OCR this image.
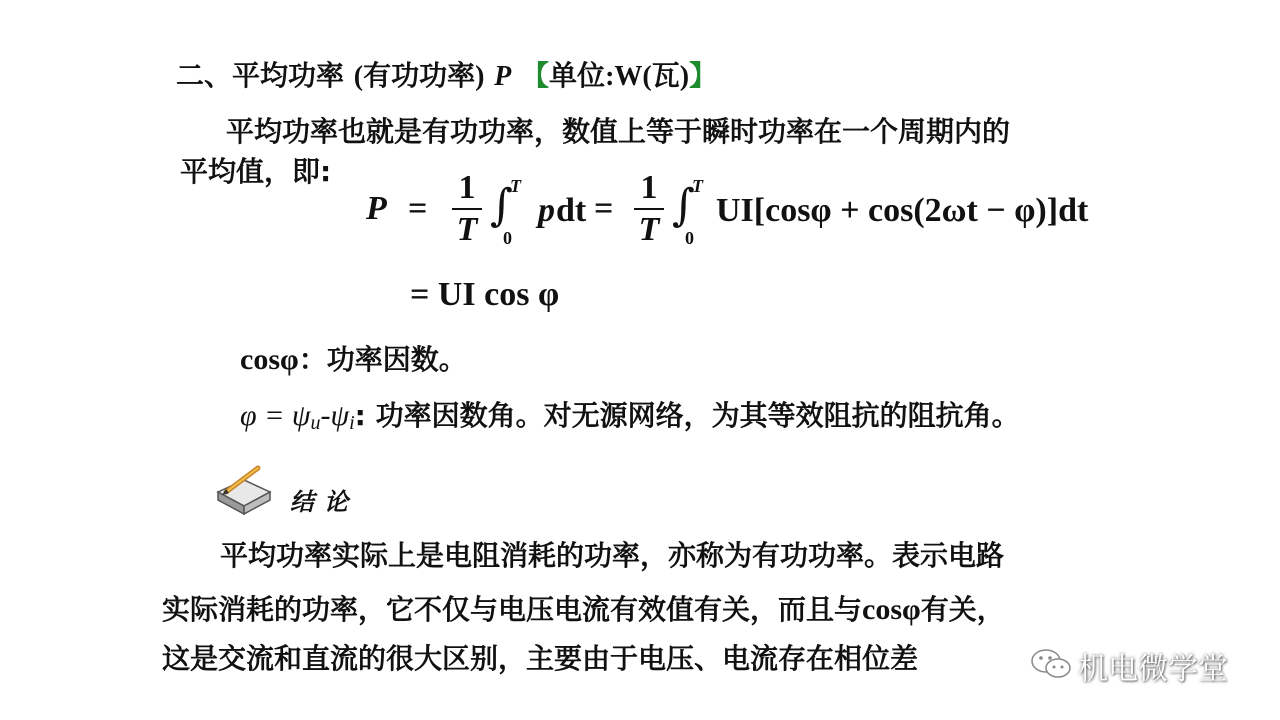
二、平均功率 (有功功率) P 【单位:W(瓦)】
平均功率也就是有功功率，数值上等于瞬时功率在一个周期内的
平均值，即:
P =
1
T ∫
T
0
p dt =
1
T ∫
T
0
UI[cosφ + cos(2ωt − φ)]dt
= UI cos φ
cosφ：功率因数。
$\varphi = \psi_u-\psi_i$: 功率因数角。对无源网络，为其等效阻抗的阻抗角。
结论
平均功率实际上是电阻消耗的功率，亦称为有功功率。表示电路
实际消耗的功率，它不仅与电压电流有效值有关，而且与cosφ有关，
这是交流和直流的很大区别，主要由于电压、电流存在相位差	机电微学堂
